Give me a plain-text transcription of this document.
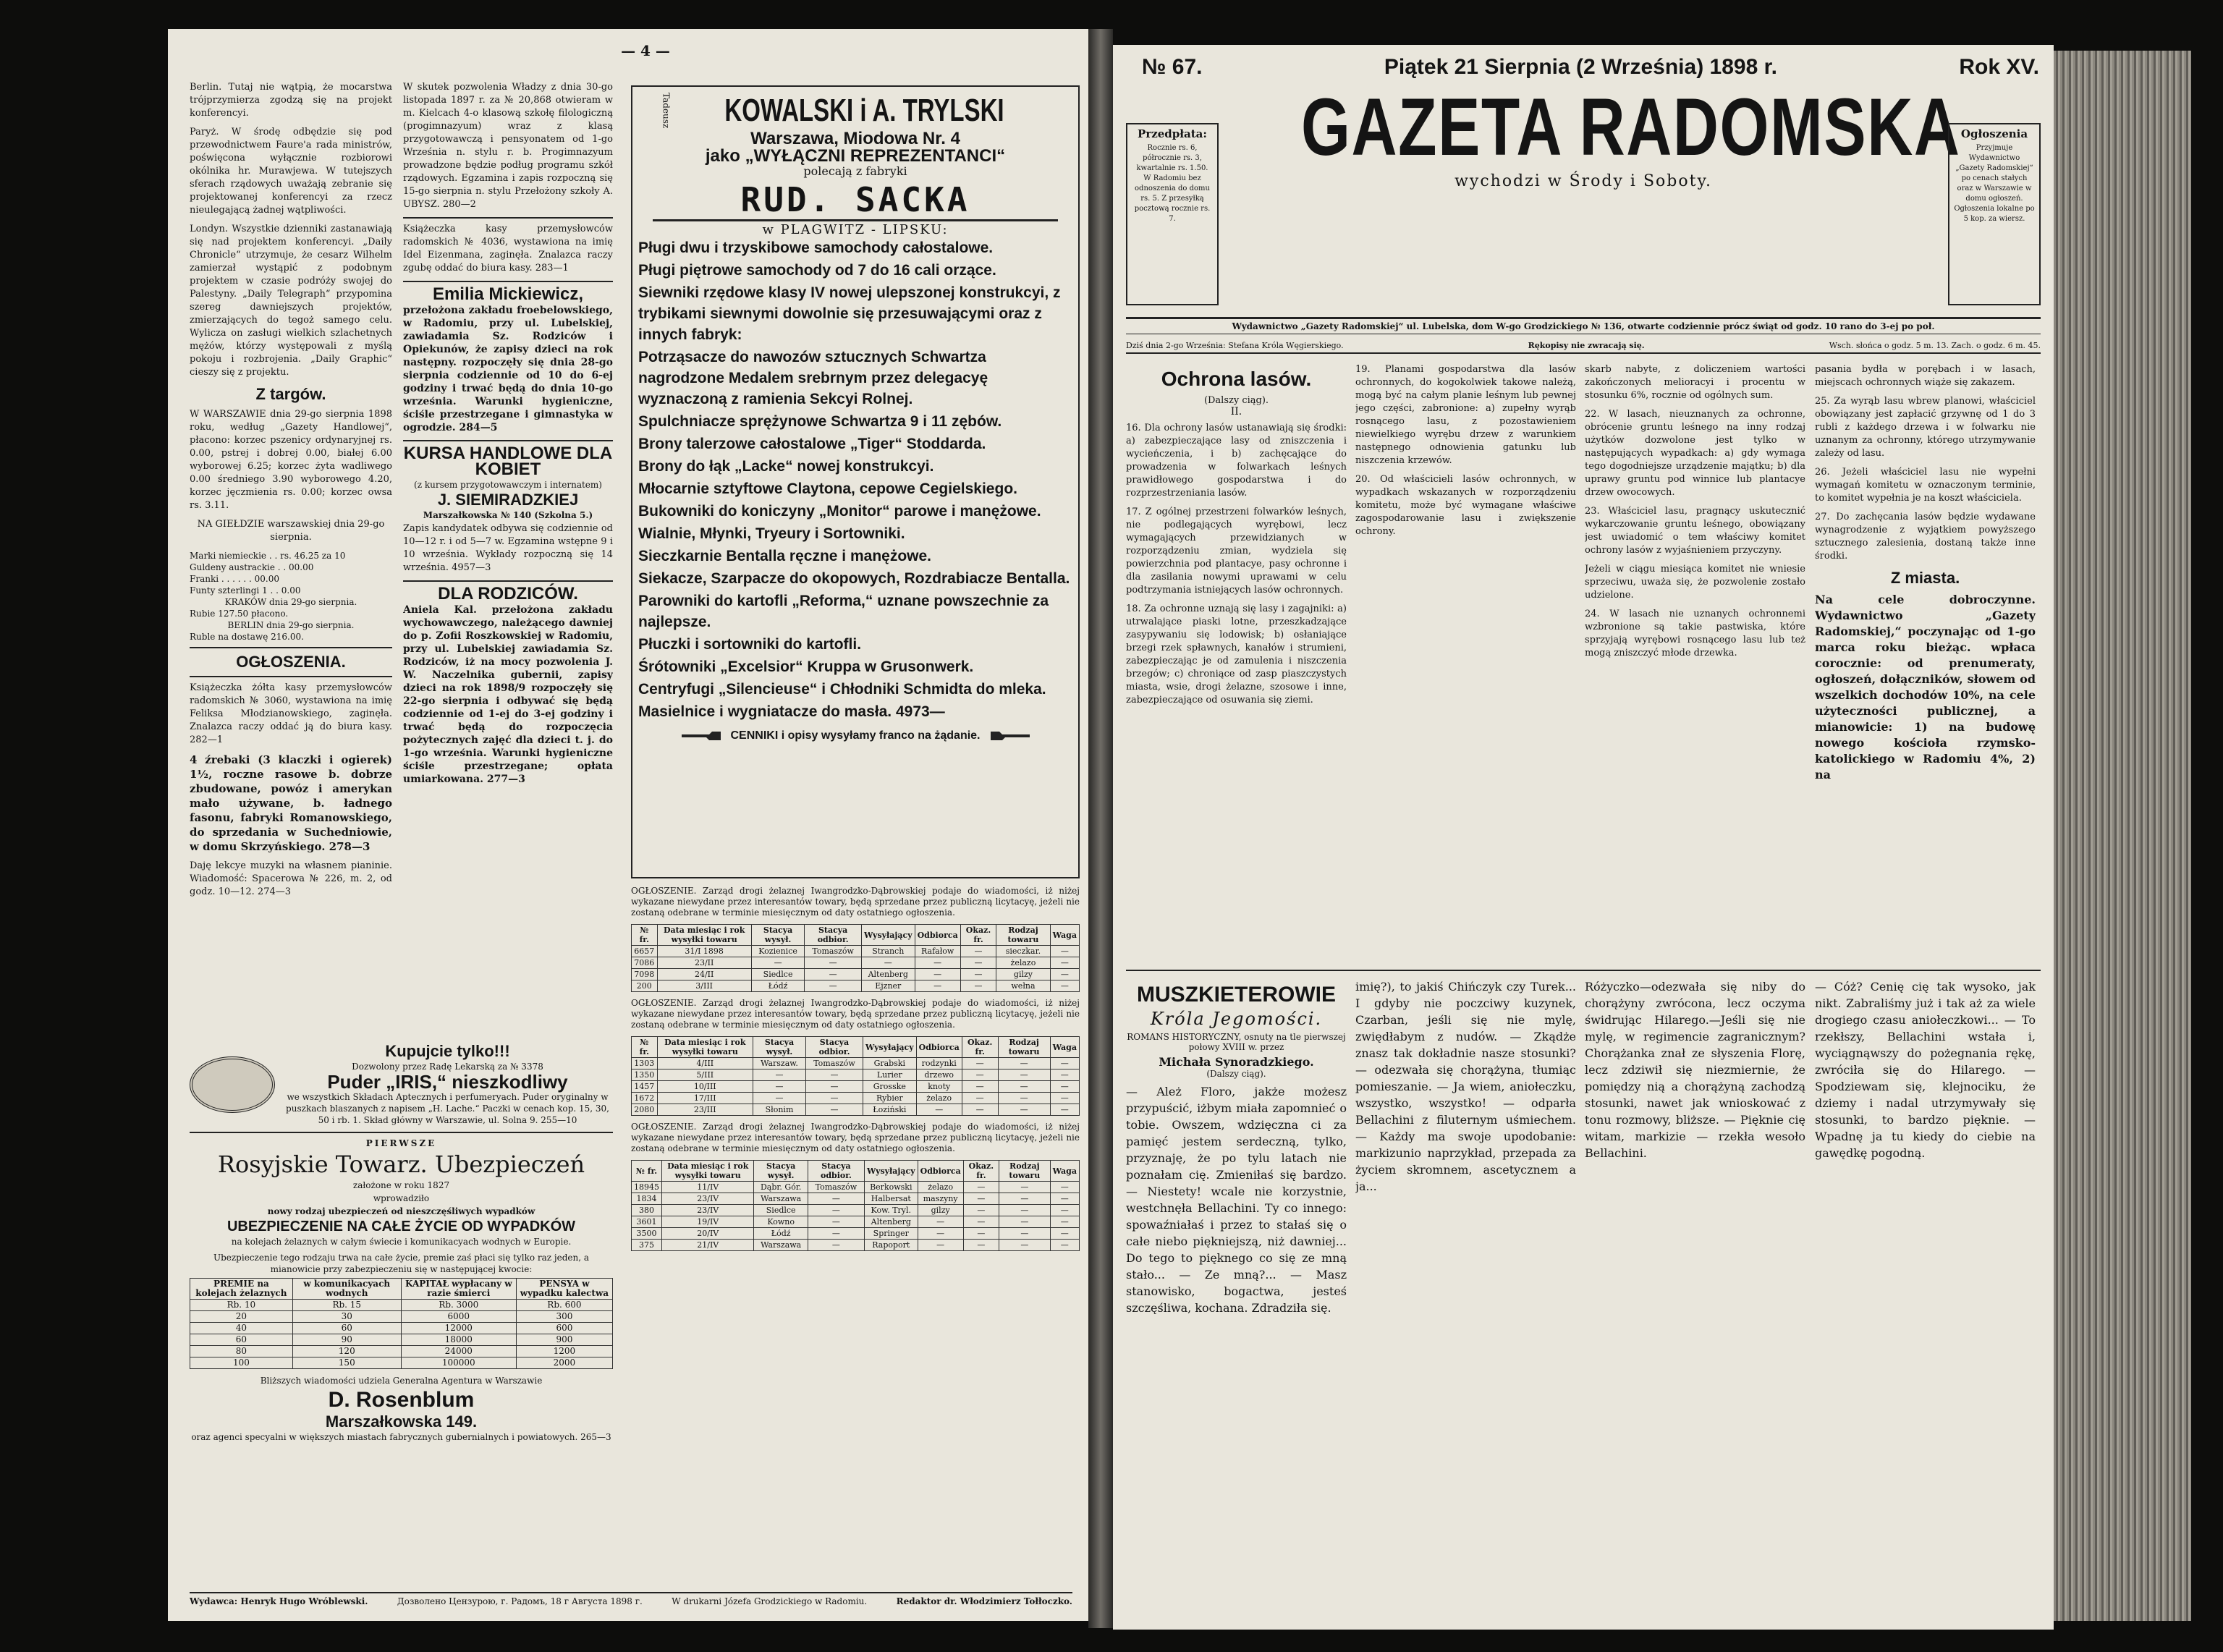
— 4 —

Berlin. Tutaj nie wątpią, że mocarstwa trójprzymierza zgodzą się na projekt konferencyi.

Paryż. W środę odbędzie się pod przewodnictwem Faure'a rada ministrów, poświęcona wyłącznie rozbiorowi okólnika hr. Murawjewa. W tutejszych sferach rządowych uważają zebranie się projektowanej konferencyi za rzecz nieulegającą żadnej wątpliwości.

Londyn. Wszystkie dzienniki zastanawiają się nad projektem konferencyi. „Daily Chronicle“ utrzymuje, że cesarz Wilhelm zamierzał wystąpić z podobnym projektem w czasie podróży swojej do Palestyny. „Daily Telegraph“ przypomina szereg dawniejszych projektów, zmierzających do tegoż samego celu. Wylicza on zasługi wielkich szlachetnych mężów, którzy występowali z myślą pokoju i rozbrojenia. „Daily Graphic“ cieszy się z projektu.

Z targów.

W WARSZAWIE dnia 29-go sierpnia 1898 roku, według „Gazety Handlowej“, płacono: korzec pszenicy ordynaryjnej rs. 0.00, pstrej i dobrej 0.00, białej 6.00 wyborowej 6.25; korzec żyta wadliwego 0.00 średniego 3.90 wyborowego 4.20, korzec jęczmienia rs. 0.00; korzec owsa rs. 3.11.

NA GIEŁDZIE warszawskiej dnia 29-go sierpnia.

Marki niemieckie . . rs. 46.25 za 10
Guldeny austrackie . . 00.00
Franki . . . . . . 00.00
Funty szterlingi 1 . . 0.00
KRAKÓW dnia 29-go sierpnia.
Rubie 127.50 płacono.
BERLIN dnia 29-go sierpnia.
Ruble na dostawę 216.00.
OGŁOSZENIA.

Książeczka żółta kasy przemysłowców radomskich № 3060, wystawiona na imię Feliksa Młodzianowskiego, zaginęła. Znalazca raczy oddać ją do biura kasy. 282—1

4 źrebaki (3 klaczki i ogierek) 1½, roczne rasowe b. dobrze zbudowane, powóz i amerykan mało używane, b. ładnego fasonu, fabryki Romanowskiego, do sprzedania w Suchedniowie, w domu Skrzyńskiego. 278—3

Daję lekcye muzyki na własnem pianinie. Wiadomość: Spacerowa № 226, m. 2, od godz. 10—12. 274—3

W skutek pozwolenia Władzy z dnia 30-go listopada 1897 r. za № 20,868 otwieram w m. Kielcach 4-o klasową szkołę filologiczną (progimnazyum) wraz z klasą przygotowawczą i pensyonatem od 1-go Września n. stylu r. b. Progimnazyum prowadzone będzie podług programu szkół rządowych. Egzamina i zapis rozpoczną się 15-go sierpnia n. stylu Przełożony szkoły A. UBYSZ. 280—2

Książeczka kasy przemysłowców radomskich № 4036, wystawiona na imię Idel Eizenmana, zaginęła. Znalazca raczy zgubę oddać do biura kasy. 283—1

Emilia Mickiewicz,

przełożona zakładu froebelowskiego, w Radomiu, przy ul. Lubelskiej, zawiadamia Sz. Rodziców i Opiekunów, że zapisy dzieci na rok następny. rozpoczęły się dnia 28-go sierpnia codziennie od 10 do 6-ej godziny i trwać będą do dnia 10-go września. Warunki hygieniczne, ściśle przestrzegane i gimnastyka w ogrodzie. 284—5

KURSA HANDLOWE DLA KOBIET
(z kursem przygotowawczym i internatem)
J. SIEMIRADZKIEJ
Marszałkowska № 140 (Szkolna 5.)

Zapis kandydatek odbywa się codziennie od 10—12 r. i od 5—7 w. Egzamina wstępne 9 i 10 września. Wykłady rozpoczną się 14 września. 4957—3

DLA RODZICÓW.

Aniela Kal. przełożona zakładu wychowawczego, należącego dawniej do p. Zofii Roszkowskiej w Radomiu, przy ul. Lubelskiej zawiadamia Sz. Rodziców, iż na mocy pozwolenia J. W. Naczelnika gubernii, zapisy dzieci na rok 1898/9 rozpoczęły się 22-go sierpnia i odbywać się będą codziennie od 1-ej do 3-ej godziny i trwać będą do rozpoczęcia pożytecznych zajęć dla dzieci t. j. do 1-go września. Warunki hygieniczne ściśle przestrzegane; opłata umiarkowana. 277—3

Kupujcie tylko!!!
Dozwolony przez Radę Lekarską za № 3378
Puder „IRIS,“ nieszkodliwy
we wszystkich Składach Aptecznych i perfumeryach. Puder oryginalny w puszkach blaszanych z napisem „H. Lache.“ Paczki w cenach kop. 15, 30, 50 i rb. 1. Skład główny w Warszawie, ul. Solna 9. 255—10
PIERWSZE
Rosyjskie Towarz. Ubezpieczeń
założone w roku 1827
wprowadziło
nowy rodzaj ubezpieczeń od nieszczęśliwych wypadków
UBEZPIECZENIE NA CAŁE ŻYCIE OD WYPADKÓW
na kolejach żelaznych w całym świecie i komunikacyach wodnych w Europie.
Ubezpieczenie tego rodzaju trwa na całe życie, premie zaś płaci się tylko raz jeden, a mianowicie przy zabezpieczeniu się w następującej kwocie:
PREMIE na kolejach żelaznych	w komunikacyach wodnych	KAPITAŁ wypłacany w razie śmierci	PENSYA w wypadku kalectwa
Rb. 10	Rb. 15	Rb. 3000	Rb. 600
20	30	6000	300
40	60	12000	600
60	90	18000	900
80	120	24000	1200
100	150	100000	2000
Bliższych wiadomości udziela Generalna Agentura w Warszawie
D. Rosenblum
Marszałkowska 149.
oraz agenci specyalni w większych miastach fabrycznych gubernialnych i powiatowych. 265—3
Tadeusz KOWALSKI i A. TRYLSKI
Warszawa, Miodowa Nr. 4
jako „WYŁĄCZNI REPREZENTANCI“
polecają z fabryki
RUD. SACKA
w PLAGWITZ - LIPSKU:
Pługi dwu i trzyskibowe samochody całostalowe.
Pługi piętrowe samochody od 7 do 16 cali orzące.
Siewniki rzędowe klasy IV nowej ulepszonej konstrukcyi, z trybikami siewnymi dowolnie się przesuwającymi oraz z innych fabryk:
Potrząsacze do nawozów sztucznych Schwartza nagrodzone Medalem srebrnym przez delegacyę wyznaczoną z ramienia Sekcyi Rolnej.
Spulchniacze sprężynowe Schwartza 9 i 11 zębów.
Brony talerzowe całostalowe „Tiger“ Stoddarda.
Brony do łąk „Lacke“ nowej konstrukcyi.
Młocarnie sztyftowe Claytona, cepowe Cegielskiego.
Bukowniki do koniczyny „Monitor“ parowe i manężowe.
Wialnie, Młynki, Tryeury i Sortowniki.
Sieczkarnie Bentalla ręczne i manężowe.
Siekacze, Szarpacze do okopowych, Rozdrabiacze Bentalla.
Parowniki do kartofli „Reforma,“ uznane powszechnie za najlepsze.
Płuczki i sortowniki do kartofli.
Śrótowniki „Excelsior“ Kruppa w Grusonwerk.
Centryfugi „Silencieuse“ i Chłodniki Schmidta do mleka.
Masielnice i wygniatacze do masła. 4973—
CENNIKI i opisy wysyłamy franco na żądanie.

OGŁOSZENIE. Zarząd drogi żelaznej Iwangrodzko-Dąbrowskiej podaje do wiadomości, iż niżej wykazane niewydane przez interesantów towary, będą sprzedane przez publiczną licytacyę, jeżeli nie zostaną odebrane w terminie miesięcznym od daty ostatniego ogłoszenia.

№ fr.	Data miesiąc i rok wysyłki towaru	Stacya wysył.	Stacya odbior.	Wysyłający	Odbiorca	Okaz. fr.	Rodzaj towaru	Waga
6657	31/I 1898	Kozienice	Tomaszów	Stranch	Rafałow	—	sieczkar.	—
7086	23/II	—	—	—	—	—	żelazo	—
7098	24/II	Siedlce	—	Altenberg	—	—	gilzy	—
200	3/III	Łódź	—	Ejzner	—	—	wełna	—

OGŁOSZENIE. Zarząd drogi żelaznej Iwangrodzko-Dąbrowskiej podaje do wiadomości, iż niżej wykazane niewydane przez interesantów towary, będą sprzedane przez publiczną licytacyę, jeżeli nie zostaną odebrane w terminie miesięcznym od daty ostatniego ogłoszenia.

№ fr.	Data miesiąc i rok wysyłki towaru	Stacya wysył.	Stacya odbior.	Wysyłający	Odbiorca	Okaz. fr.	Rodzaj towaru	Waga
1303	4/III	Warszaw.	Tomaszów	Grabski	rodzynki	—	—	—
1350	5/III	—	—	Lurier	drzewo	—	—	—
1457	10/III	—	—	Grosske	knoty	—	—	—
1672	17/III	—	—	Rybier	żelazo	—	—	—
2080	23/III	Słonim	—	Łoziński	—	—	—	—

OGŁOSZENIE. Zarząd drogi żelaznej Iwangrodzko-Dąbrowskiej podaje do wiadomości, iż niżej wykazane niewydane przez interesantów towary, będą sprzedane przez publiczną licytacyę, jeżeli nie zostaną odebrane w terminie miesięcznym od daty ostatniego ogłoszenia.

№ fr.	Data miesiąc i rok wysyłki towaru	Stacya wysył.	Stacya odbior.	Wysyłający	Odbiorca	Okaz. fr.	Rodzaj towaru	Waga
18945	11/IV	Dąbr. Gór.	Tomaszów	Berkowski	żelazo	—	—	—
1834	23/IV	Warszawa	—	Halbersat	maszyny	—	—	—
380	23/IV	Siedlce	—	Kow. Tryl.	gilzy	—	—	—
3601	19/IV	Kowno	—	Altenberg	—	—	—	—
3500	20/IV	Łódź	—	Springer	—	—	—	—
375	21/IV	Warszawa	—	Rapoport	—	—	—	—
Wydawca: Henryk Hugo Wróblewski.	Дозволено Цензурою, г. Радомъ, 18 г Августа 1898 г.	W drukarni Józefa Grodzickiego w Radomiu.	Redaktor dr. Włodzimierz Tołłoczko.
№ 67.	Piątek 21 Sierpnia (2 Września) 1898 r.	Rok XV.
Przedpłata:
Rocznie rs. 6, półrocznie rs. 3, kwartalnie rs. 1.50. W Radomiu bez odnoszenia do domu rs. 5. Z przesyłką pocztową rocznie rs. 7.
GAZETA RADOMSKA
wychodzi w Środy i Soboty.
Ogłoszenia
Przyjmuje Wydawnictwo „Gazety Radomskiej“ po cenach stałych oraz w Warszawie w domu ogłoszeń. Ogłoszenia lokalne po 5 kop. za wiersz.
Wydawnictwo „Gazety Radomskiej“ ul. Lubelska, dom W-go Grodzickiego № 136, otwarte codziennie prócz świąt od godz. 10 rano do 3-ej po poł.
Dziś dnia 2-go Września: Stefana Króla Węgierskiego.	Rękopisy nie zwracają się.	Wsch. słońca o godz. 5 m. 13. Zach. o godz. 6 m. 45.
Ochrona lasów.
(Dalszy ciąg).
II.

16. Dla ochrony lasów ustanawiają się środki: a) zabezpieczające lasy od zniszczenia i wycieńczenia, i b) zachęcające do prowadzenia w folwarkach leśnych prawidłowego gospodarstwa i do rozprzestrzeniania lasów.

17. Z ogólnej przestrzeni folwarków leśnych, nie podlegających wyrębowi, lecz wymagających przewidzianych w rozporządzeniu zmian, wydziela się powierzchnia pod plantacye, pasy ochronne i dla zasilania nowymi uprawami w celu podtrzymania istniejących lasów ochronnych.

18. Za ochronne uznają się lasy i zagajniki: a) utrwalające piaski lotne, przeszkadzające zasypywaniu się lodowisk; b) osłaniające brzegi rzek spławnych, kanałów i strumieni, zabezpieczając je od zamulenia i niszczenia brzegów; c) chroniące od zasp piaszczystych miasta, wsie, drogi żelazne, szosowe i inne, zabezpieczające od osuwania się ziemi.

19. Planami gospodarstwa dla lasów ochronnych, do kogokolwiek takowe należą, mogą być na całym planie leśnym lub pewnej jego części, zabronione: a) zupełny wyrąb rosnącego lasu, z pozostawieniem niewielkiego wyrębu drzew z warunkiem następnego odnowienia gatunku lub niszczenia krzewów.

20. Od właścicieli lasów ochronnych, w wypadkach wskazanych w rozporządzeniu komitetu, może być wymagane właściwe zagospodarowanie lasu i zwiększenie ochrony.

skarb nabyte, z doliczeniem wartości zakończonych melioracyi i procentu w stosunku 6%, rocznie od ogólnych sum.

22. W lasach, nieuznanych za ochronne, obrócenie gruntu leśnego na inny rodzaj użytków dozwolone jest tylko w następujących wypadkach: a) gdy wymaga tego dogodniejsze urządzenie majątku; b) dla uprawy gruntu pod winnice lub plantacye drzew owocowych.

23. Właściciel lasu, pragnący uskutecznić wykarczowanie gruntu leśnego, obowiązany jest uwiadomić o tem właściwy komitet ochrony lasów z wyjaśnieniem przyczyny.

Jeżeli w ciągu miesiąca komitet nie wniesie sprzeciwu, uważa się, że pozwolenie zostało udzielone.

24. W lasach nie uznanych ochronnemi wzbronione są takie pastwiska, które sprzyjają wyrębowi rosnącego lasu lub też mogą zniszczyć młode drzewka.

pasania bydła w porębach i w lasach, miejscach ochronnych wiąże się zakazem.

25. Za wyrąb lasu wbrew planowi, właściciel obowiązany jest zapłacić grzywnę od 1 do 3 rubli z każdego drzewa i w folwarku nie uznanym za ochronny, którego utrzymywanie zależy od lasu.

26. Jeżeli właściciel lasu nie wypełni wymagań komitetu w oznaczonym terminie, to komitet wypełnia je na koszt właściciela.

27. Do zachęcania lasów będzie wydawane wynagrodzenie z wyjątkiem powyższego sztucznego zalesienia, dostaną także inne środki.

Z miasta.

Na cele dobroczynne. Wydawnictwo „Gazety Radomskiej,“ poczynając od 1-go marca roku bieżąc. wpłaca corocznie: od prenumeraty, ogłoszeń, dołączników, słowem od wszelkich dochodów 10%, na cele użyteczności publicznej, a mianowicie: 1) na budowę nowego kościoła rzymsko-katolickiego w Radomiu 4%, 2) na

MUSZKIETEROWIE
Króla Jegomości.
ROMANS HISTORYCZNY, osnuty na tle pierwszej połowy XVIII w. przez
Michała Synoradzkiego.
(Dalszy ciąg).

— Ależ Floro, jakże możesz przypuścić, iżbym miała zapomnieć o tobie. Owszem, wdzięczna ci za pamięć jestem serdeczną, tylko, przyznaję, że po tylu latach nie poznałam cię. Zmieniłaś się bardzo. — Niestety! wcale nie korzystnie, westchnęła Bellachini. Ty co innego: spowaźniałaś i przez to stałaś się o całe niebo piękniejszą, niż dawniej... Do tego to pięknego co się ze mną stało... — Ze mną?... — Masz stanowisko, bogactwa, jesteś szczęśliwa, kochana. Zdradziła się.

imię?), to jakiś Chińczyk czy Turek... I gdyby nie poczciwy kuzynek, Czarban, jeśli się nie mylę, zwiędłabym z nudów. — Zkądże znasz tak dokładnie nasze stosunki? — odezwała się chorążyna, tłumiąc pomieszanie. — Ja wiem, aniołeczku, wszystko, wszystko! — odparła Bellachini z filuternym uśmiechem. — Każdy ma swoje upodobanie: markizunio naprzykład, przepada za życiem skromnem, ascetycznem a ja...

Różyczko—odezwała się niby do chorążyny zwrócona, lecz oczyma świdrując Hilarego.—Jeśli się nie mylę, w regimencie zagranicznym? Chorążanka znał ze słyszenia Florę, lecz zdziwił się niezmiernie, że pomiędzy nią a chorążyną zachodzą stosunki, nawet jak wnioskować z tonu rozmowy, bliższe. — Pięknie cię witam, markizie — rzekła wesoło Bellachini.

— Cóż? Cenię cię tak wysoko, jak nikt. Zabraliśmy już i tak aż za wiele drogiego czasu aniołeczkowi... — To rzekłszy, Bellachini wstała i, wyciągnąwszy do pożegnania rękę, zwróciła się do Hilarego. — Spodziewam się, klejnociku, że dziemy i nadal utrzymywały się stosunki, to bardzo pięknie. — Wpadnę ja tu kiedy do ciebie na gawędkę pogodną.
